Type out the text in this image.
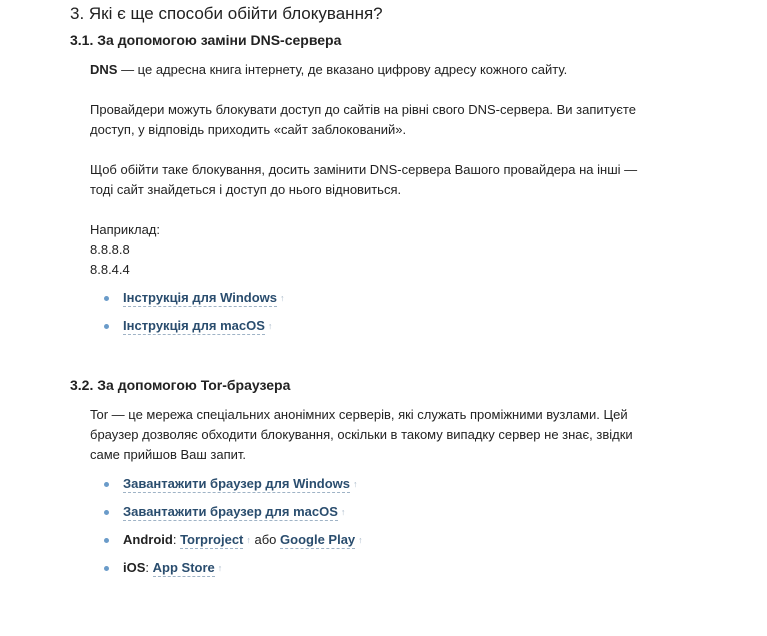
3. Які є ще способи обійти блокування?
3.1. За допомогою заміни DNS-сервера

DNS — це адресна книга інтернету, де вказано цифрову адресу кожного сайту.

Провайдери можуть блокувати доступ до сайтів на рівні свого DNS-сервера. Ви запитуєте
доступ, у відповідь приходить «сайт заблокований».

Щоб обійти таке блокування, досить замінити DNS-сервера Вашого провайдера на інші —
тоді сайт знайдеться і доступ до нього відновиться.

Наприклад:
8.8.8.8
8.8.4.4

Інструкція для Windows ↑
Інструкція для macOS ↑
3.2. За допомогою Tor-браузера

Tor — це мережа спеціальних анонімних серверів, які служать проміжними вузлами. Цей
браузер дозволяє обходити блокування, оскільки в такому випадку сервер не знає, звідки
саме прийшов Ваш запит.

Завантажити браузер для Windows ↑
Завантажити браузер для macOS ↑
Android: Torproject ↑ або Google Play ↑
iOS: App Store ↑
